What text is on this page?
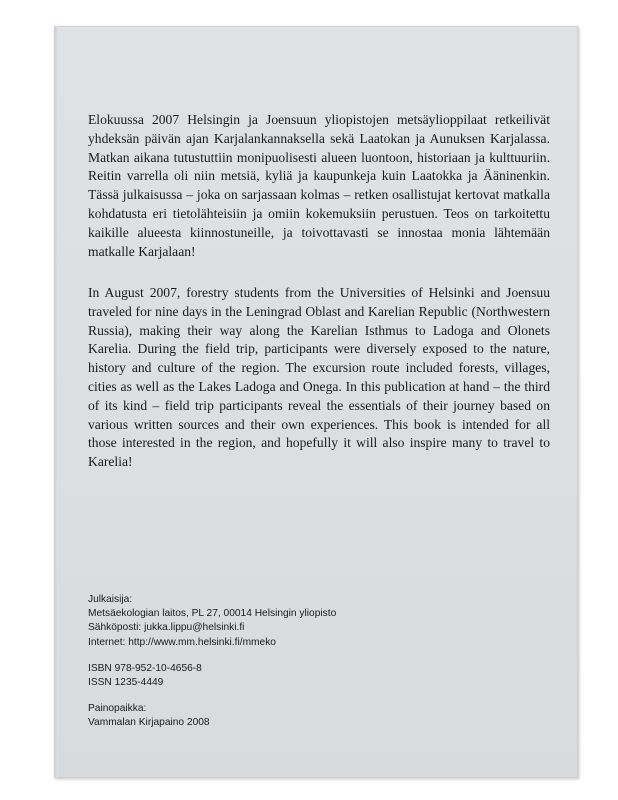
Elokuussa 2007 Helsingin ja Joensuun yliopistojen metsäylioppilaat retkeilivät yhdeksän päivän ajan Karjalankannaksella sekä Laatokan ja Aunuksen Karjalassa. Matkan aikana tutustuttiin monipuolisesti alueen luontoon, historiaan ja kulttuuriin. Reitin varrella oli niin metsiä, kyliä ja kaupunkeja kuin Laatokka ja Ääninenkin. Tässä julkaisussa – joka on sarjassaan kolmas – retken osallistujat kertovat matkalla kohdatusta eri tietolähteisiin ja omiin kokemuksiin perustuen. Teos on tarkoitettu kaikille alueesta kiinnostuneille, ja toivottavasti se innostaa monia lähtemään matkalle Karjalaan!

In August 2007, forestry students from the Universities of Helsinki and Joensuu traveled for nine days in the Leningrad Oblast and Karelian Republic (Northwestern Russia), making their way along the Karelian Isthmus to Ladoga and Olonets Karelia. During the field trip, participants were diversely exposed to the nature, history and culture of the region. The excursion route included forests, villages, cities as well as the Lakes Ladoga and Onega. In this publication at hand – the third of its kind – field trip participants reveal the essentials of their journey based on various written sources and their own experiences. This book is intended for all those interested in the region, and hopefully it will also inspire many to travel to Karelia!

Julkaisija:
Metsäekologian laitos, PL 27, 00014 Helsingin yliopisto
Sähköposti: jukka.lippu@helsinki.fi
Internet: http://www.mm.helsinki.fi/mmeko
ISBN 978-952-10-4656-8
ISSN 1235-4449
Painopaikka:
Vammalan Kirjapaino 2008
